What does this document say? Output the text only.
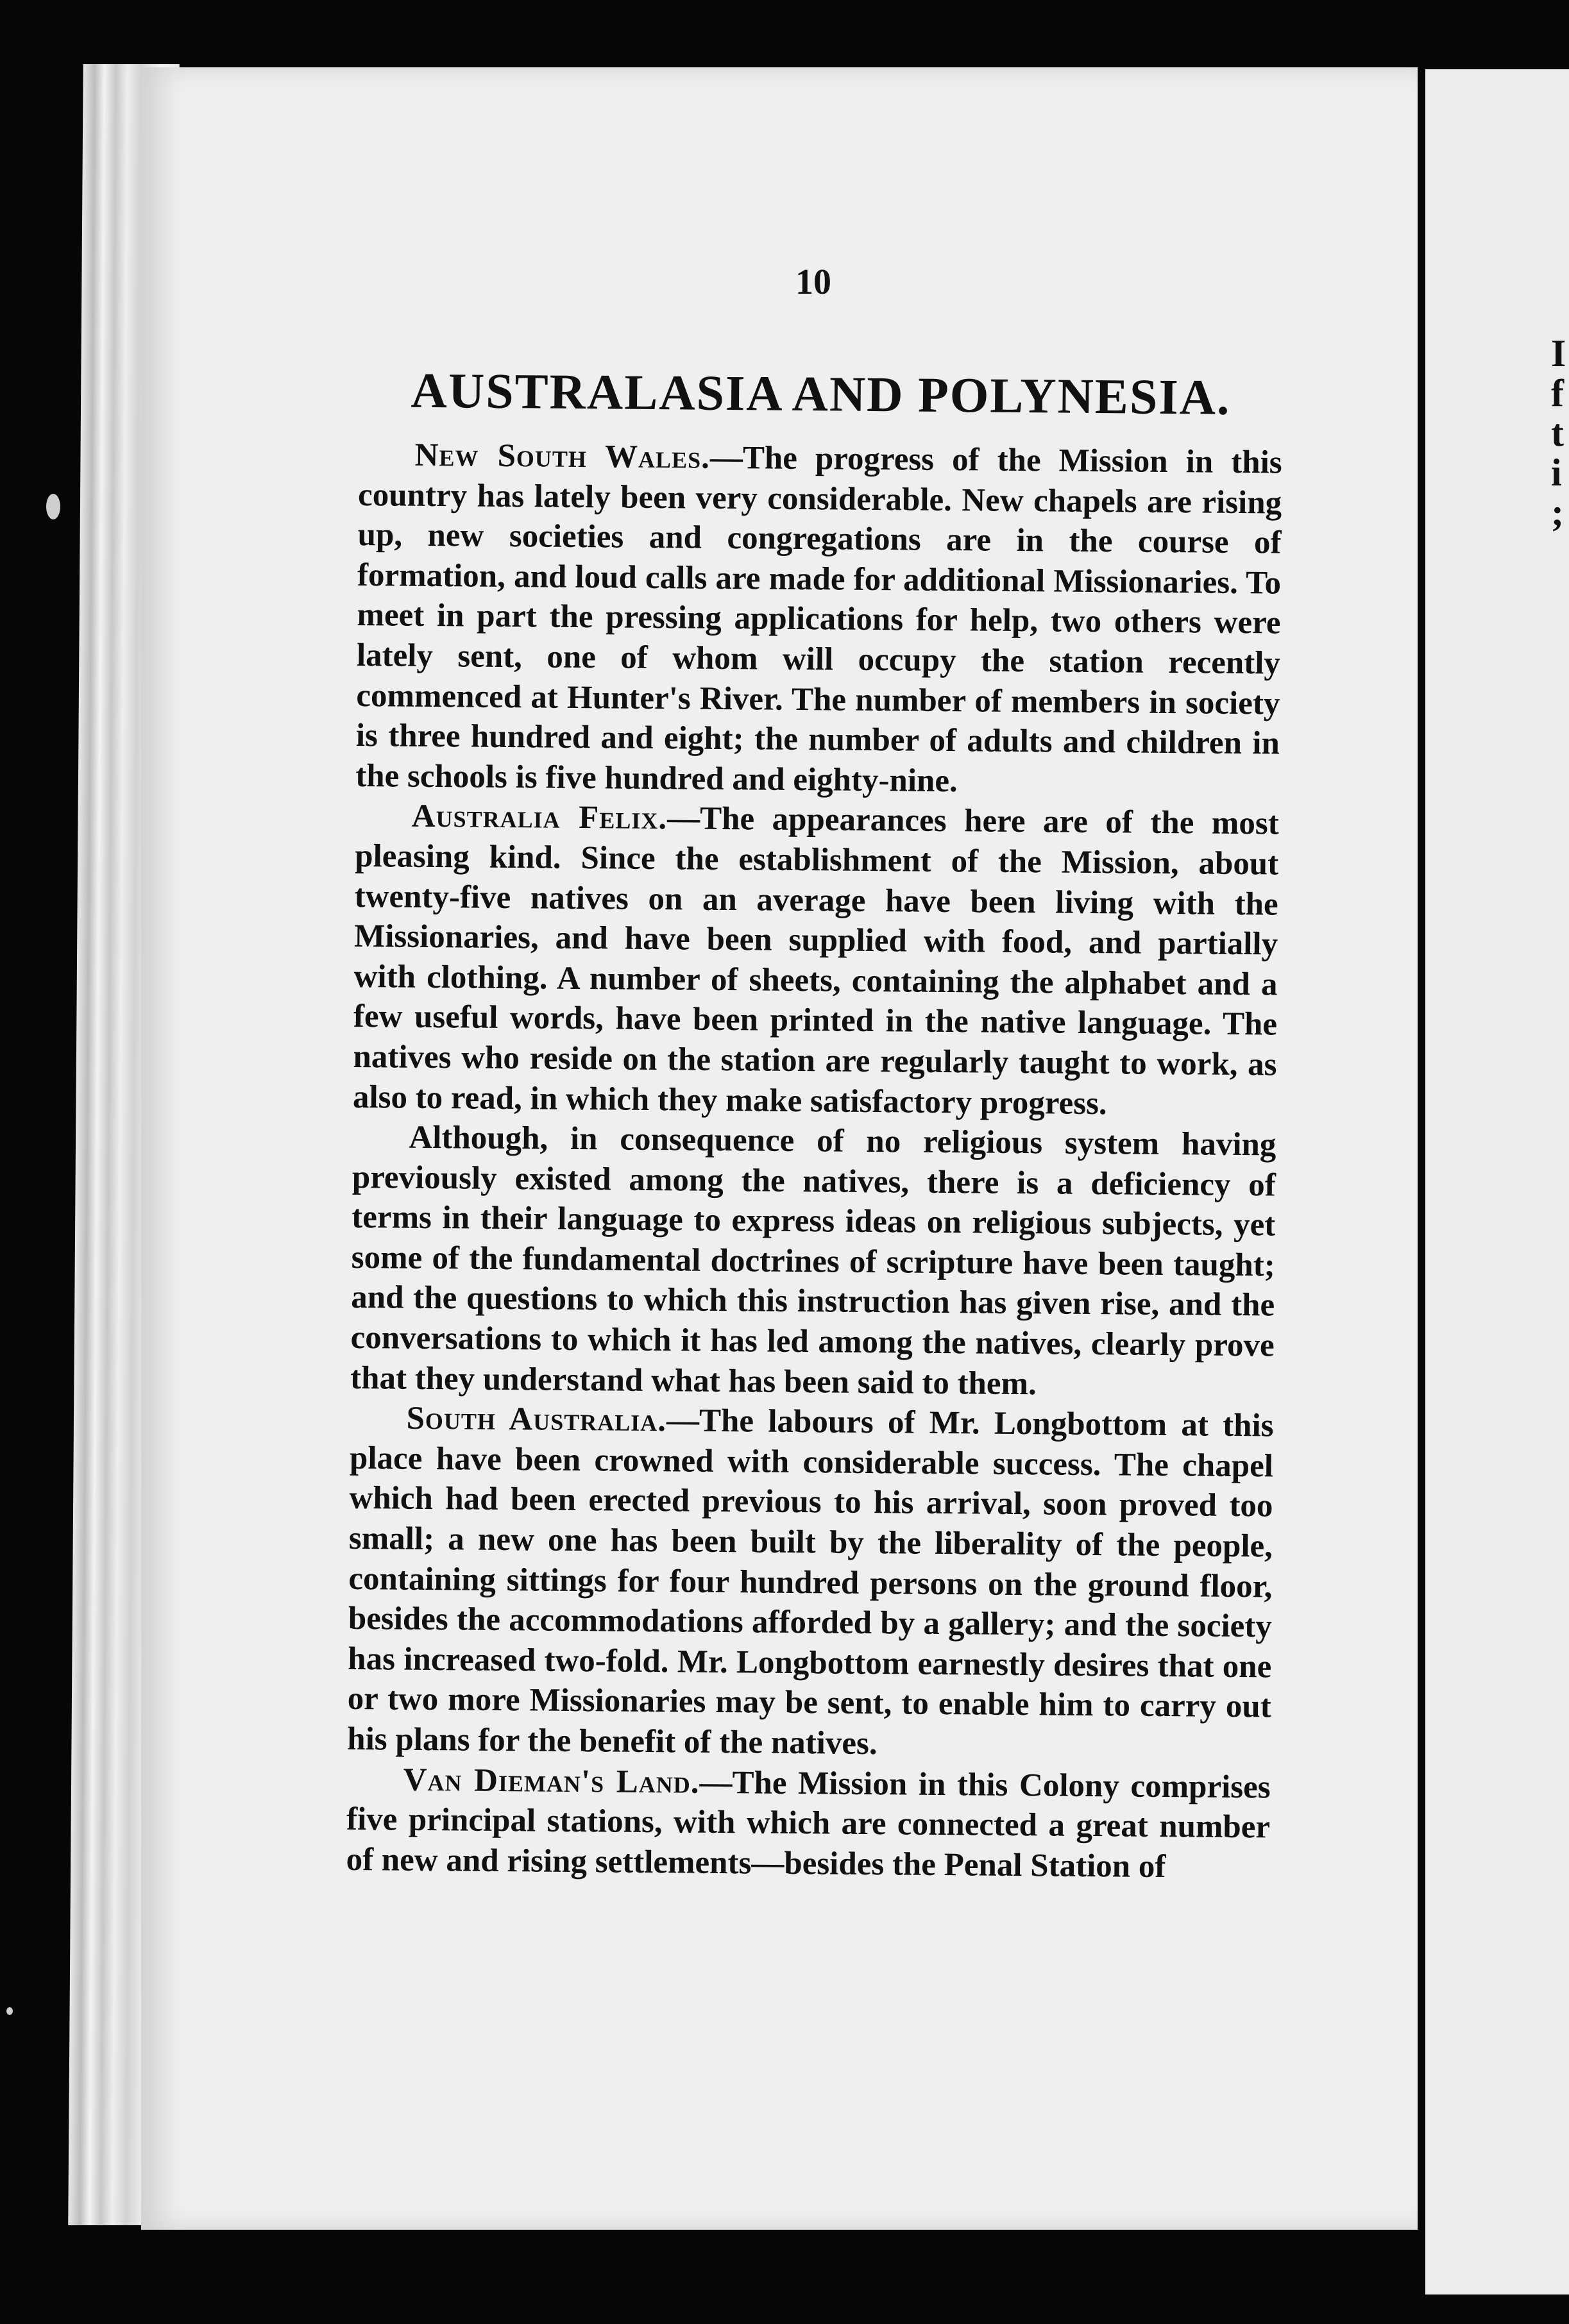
I
f
t
i
;
10
AUSTRALASIA AND POLYNESIA.

New South Wales.—The progress of the Mission in this country has lately been very considerable. New chapels are rising up, new societies and congregations are in the course of formation, and loud calls are made for additional Missionaries. To meet in part the pressing applications for help, two others were lately sent, one of whom will occupy the station recently commenced at Hunter's River. The number of members in society is three hundred and eight; the number of adults and children in the schools is five hundred and eighty-nine.

Australia Felix.—The appearances here are of the most pleasing kind. Since the establishment of the Mission, about twenty-five natives on an average have been living with the Missionaries, and have been supplied with food, and partially with clothing. A number of sheets, containing the alphabet and a few useful words, have been printed in the native language. The natives who reside on the station are regularly taught to work, as also to read, in which they make satisfactory progress.

Although, in consequence of no religious system having previously existed among the natives, there is a deficiency of terms in their language to express ideas on religious subjects, yet some of the fundamental doctrines of scripture have been taught; and the questions to which this instruction has given rise, and the conversations to which it has led among the natives, clearly prove that they understand what has been said to them.

South Australia.—The labours of Mr. Longbottom at this place have been crowned with considerable success. The chapel which had been erected previous to his arrival, soon proved too small; a new one has been built by the liberality of the people, containing sittings for four hundred persons on the ground floor, besides the accommodations afforded by a gallery; and the society has increased two-fold. Mr. Longbottom earnestly desires that one or two more Missionaries may be sent, to enable him to carry out his plans for the benefit of the natives.

Van Dieman's Land.—The Mission in this Colony comprises five principal stations, with which are connected a great number of new and rising settlements—besides the Penal Station of
